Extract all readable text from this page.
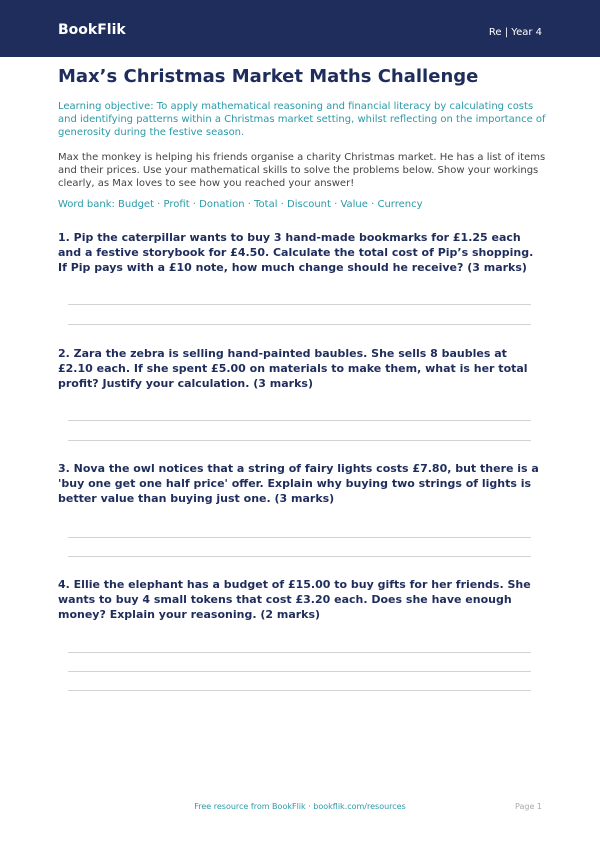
BookFlik	Re | Year 4
Max’s Christmas Market Maths Challenge
Learning objective: To apply mathematical reasoning and financial literacy by calculating costs and identifying patterns within a Christmas market setting, whilst reflecting on the importance of generosity during the festive season.
Max the monkey is helping his friends organise a charity Christmas market. He has a list of items and their prices. Use your mathematical skills to solve the problems below. Show your workings clearly, as Max loves to see how you reached your answer!
Word bank: Budget · Profit · Donation · Total · Discount · Value · Currency
1. Pip the caterpillar wants to buy 3 hand-made bookmarks for £1.25 each and a festive storybook for £4.50. Calculate the total cost of Pip’s shopping. If Pip pays with a £10 note, how much change should he receive? (3 marks)
2. Zara the zebra is selling hand-painted baubles. She sells 8 baubles at £2.10 each. If she spent £5.00 on materials to make them, what is her total profit? Justify your calculation. (3 marks)
3. Nova the owl notices that a string of fairy lights costs £7.80, but there is a 'buy one get one half price' offer. Explain why buying two strings of lights is better value than buying just one. (3 marks)
4. Ellie the elephant has a budget of £15.00 to buy gifts for her friends. She wants to buy 4 small tokens that cost £3.20 each. Does she have enough money? Explain your reasoning. (2 marks)
Free resource from BookFlik · bookflik.com/resources	Page 1
